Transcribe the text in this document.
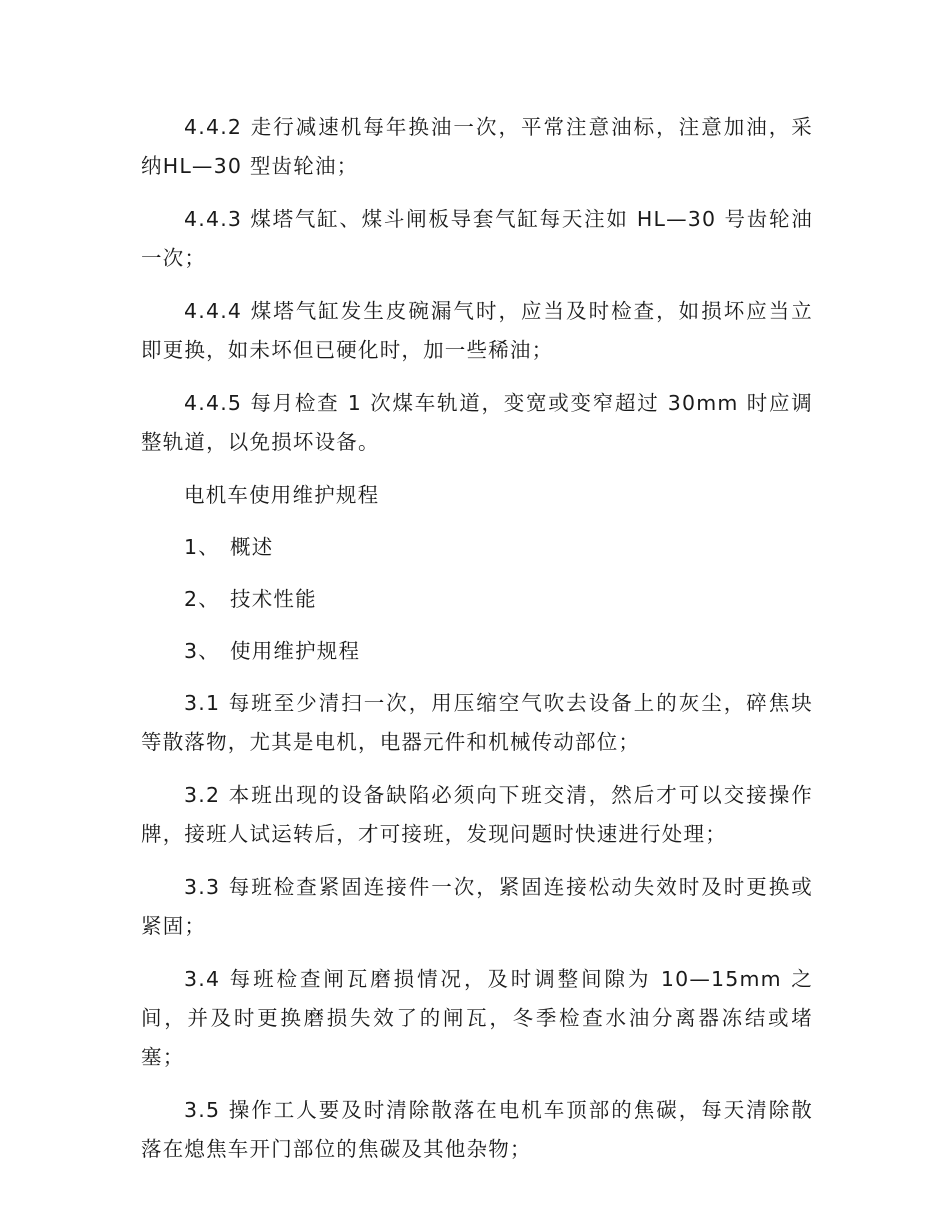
4.4.2 走行减速机每年换油一次，平常注意油标，注意加油，采纳HL—30 型齿轮油；

4.4.3 煤塔气缸、煤斗闸板导套气缸每天注如 HL—30 号齿轮油一次；

4.4.4 煤塔气缸发生皮碗漏气时，应当及时检查，如损坏应当立即更换，如未坏但已硬化时，加一些稀油；

4.4.5 每月检查 1 次煤车轨道，变宽或变窄超过 30mm 时应调整轨道，以免损坏设备。

电机车使用维护规程
1、 概述
2、 技术性能
3、 使用维护规程

3.1 每班至少清扫一次，用压缩空气吹去设备上的灰尘，碎焦块等散落物，尤其是电机，电器元件和机械传动部位；

3.2 本班出现的设备缺陷必须向下班交清，然后才可以交接操作牌，接班人试运转后，才可接班，发现问题时快速进行处理；

3.3 每班检查紧固连接件一次，紧固连接松动失效时及时更换或紧固；

3.4 每班检查闸瓦磨损情况，及时调整间隙为 10—15mm 之间，并及时更换磨损失效了的闸瓦，冬季检查水油分离器冻结或堵塞；

3.5 操作工人要及时清除散落在电机车顶部的焦碳，每天清除散落在熄焦车开门部位的焦碳及其他杂物；
